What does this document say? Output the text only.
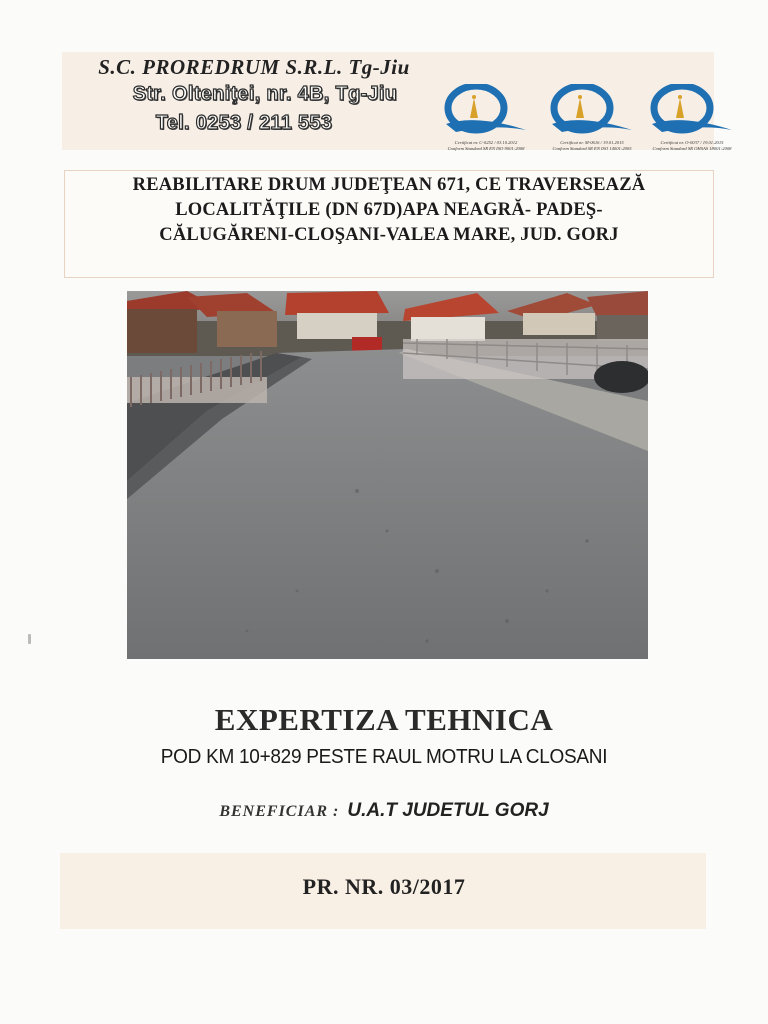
S.C. PROREDRUM S.R.L. Tg-Jiu
Str. Olteniţei, nr. 4B, Tg-Jiu
Tel. 0253 / 211 553
Certificat nr. C-0252 / 03.10.2012
Conform Standard SR EN ISO 9001:2008
Certificat nr. M-0616 / 19.01.2015
Conform Standard SR EN ISO 14001:2005
Certificat nr. O-0037 / 19.01.2015
Conform Standard SR OHSAS 18001:2008
REABILITARE DRUM JUDEŢEAN 671, CE TRAVERSEAZĂ
LOCALITĂŢILE (DN 67D)APA NEAGRĂ- PADEŞ-
CĂLUGĂRENI-CLOŞANI-VALEA MARE, JUD. GORJ
EXPERTIZA TEHNICA
POD KM 10+829 PESTE RAUL MOTRU LA CLOSANI
BENEFICIAR : U.A.T JUDETUL GORJ
PR. NR. 03/2017
